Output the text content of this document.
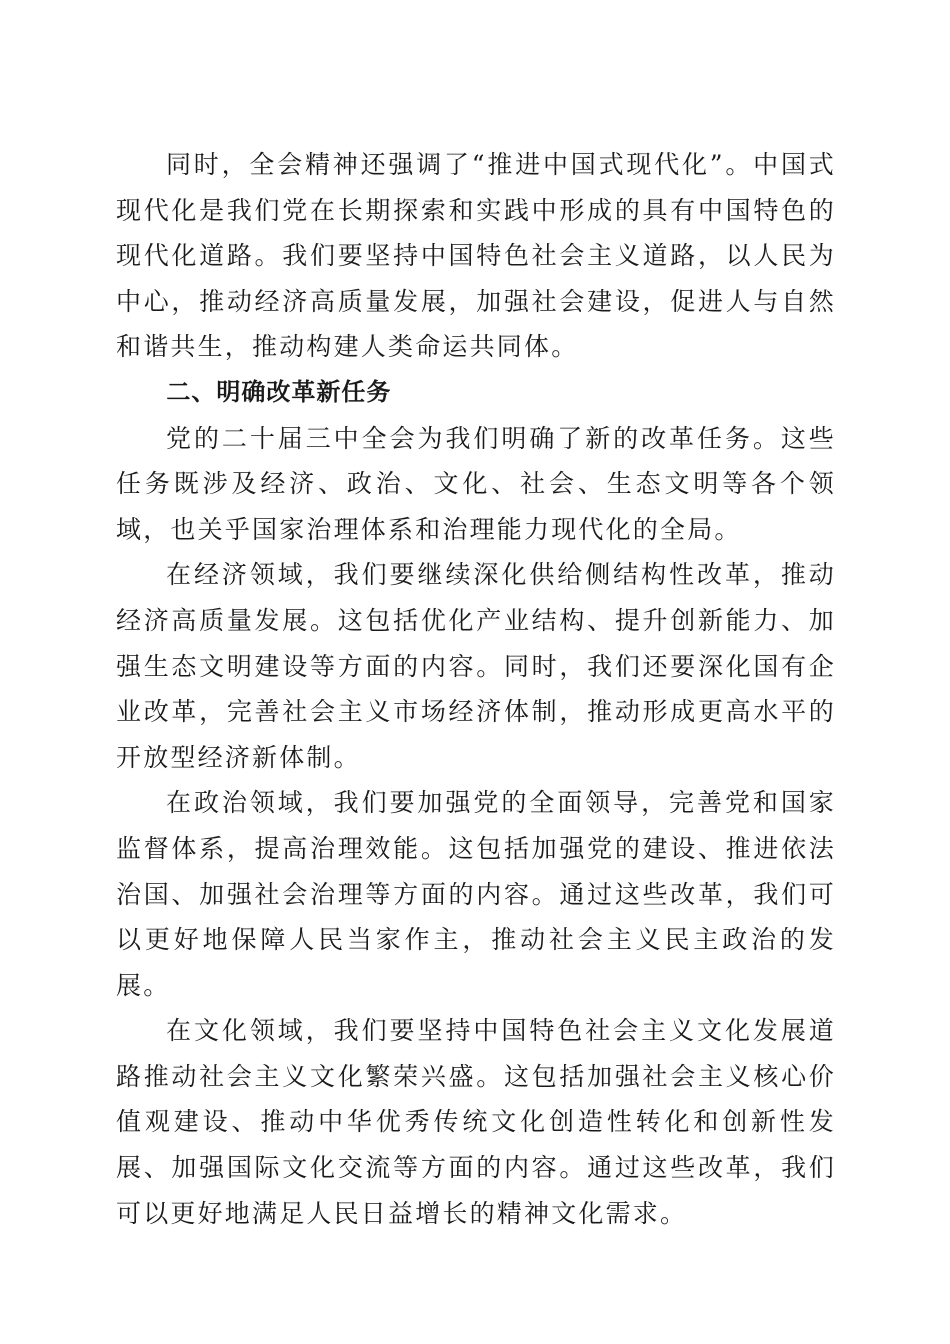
同时，全会精神还强调了“推进中国式现代化”。中国式现代化是我们党在长期探索和实践中形成的具有中国特色的现代化道路。我们要坚持中国特色社会主义道路，以人民为中心，推动经济高质量发展，加强社会建设，促进人与自然和谐共生，推动构建人类命运共同体。

二、明确改革新任务

党的二十届三中全会为我们明确了新的改革任务。这些任务既涉及经济、政治、文化、社会、生态文明等各个领域，也关乎国家治理体系和治理能力现代化的全局。

在经济领域，我们要继续深化供给侧结构性改革，推动经济高质量发展。这包括优化产业结构、提升创新能力、加强生态文明建设等方面的内容。同时，我们还要深化国有企业改革，完善社会主义市场经济体制，推动形成更高水平的开放型经济新体制。

在政治领域，我们要加强党的全面领导，完善党和国家监督体系，提高治理效能。这包括加强党的建设、推进依法治国、加强社会治理等方面的内容。通过这些改革，我们可以更好地保障人民当家作主，推动社会主义民主政治的发展。

在文化领域，我们要坚持中国特色社会主义文化发展道路推动社会主义文化繁荣兴盛。这包括加强社会主义核心价值观建设、推动中华优秀传统文化创造性转化和创新性发展、加强国际文化交流等方面的内容。通过这些改革，我们可以更好地满足人民日益增长的精神文化需求。
